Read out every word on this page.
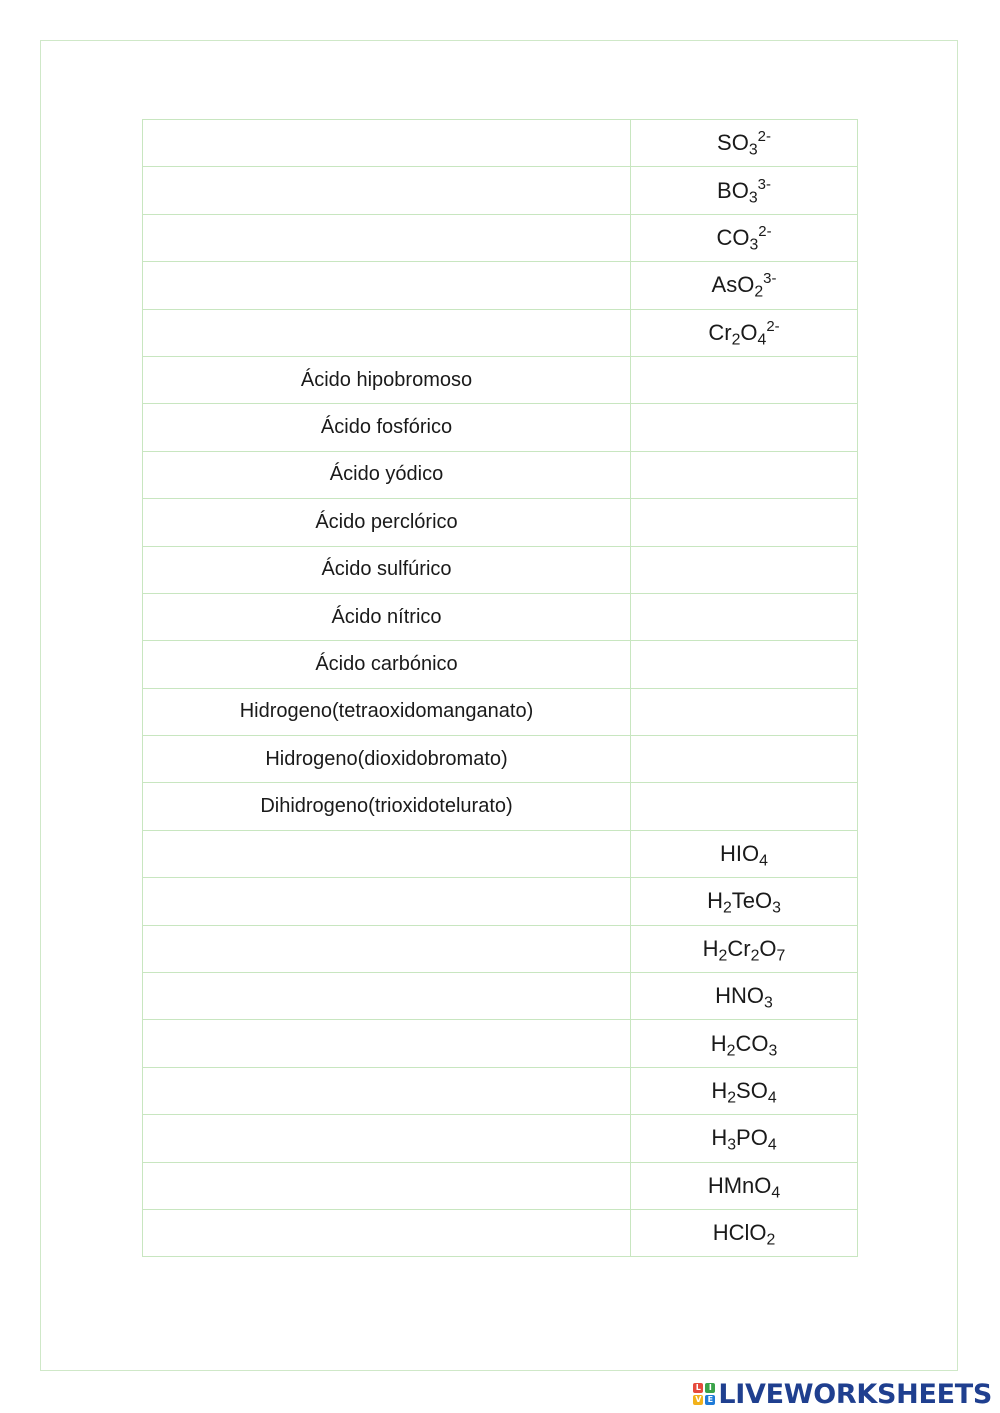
	$SO_3^{2-}$
	$BO_3^{3-}$
	$CO_3^{2-}$
	AsO$_2^{3-}$
	$Cr_2O_4^{2-}$
Ácido hipobromoso	
Ácido fosfórico	
Ácido yódico	
Ácido perclórico	
Ácido sulfúrico	
Ácido nítrico	
Ácido carbónico	
Hidrogeno(tetraoxidomanganato)	
Hidrogeno(dioxidobromato)	
Dihidrogeno(trioxidotelurato)	
	$HIO_4$
	$H_2TeO_3$
	$H_2Cr_2O_7$
	$HNO_3$
	$H_2CO_3$
	$H_2SO_4$
	$H_3PO_4$
	HMnO$_4$
	HClO$_2$
L I
V E LIVEWORKSHEETS
